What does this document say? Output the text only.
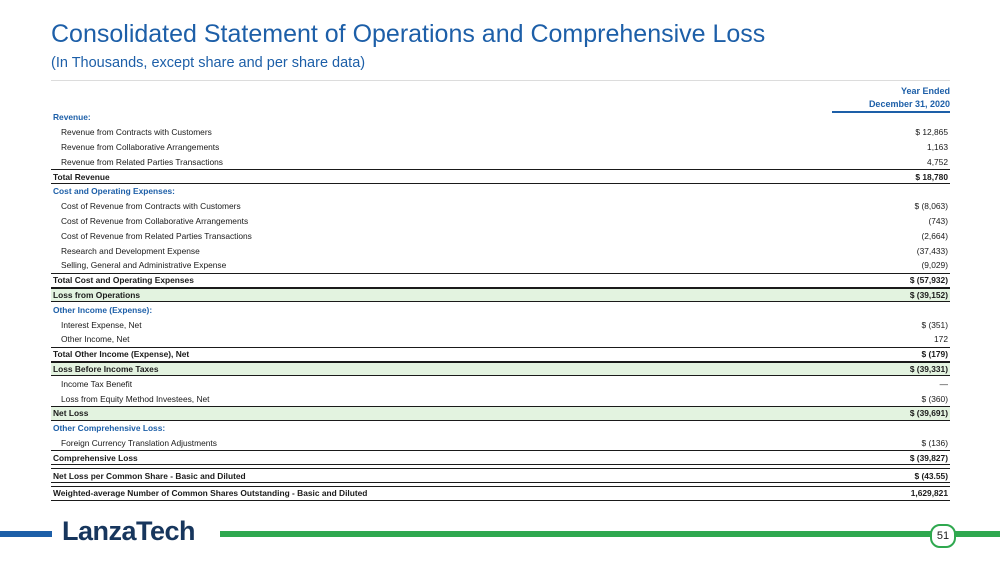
Consolidated Statement of Operations and Comprehensive Loss
(In Thousands, except share and per share data)
Year Ended
December 31, 2020
Revenue:
Revenue from Contracts with Customers	$ 12,865
Revenue from Collaborative Arrangements	1,163
Revenue from Related Parties Transactions	4,752
Total Revenue	$ 18,780
Cost and Operating Expenses:
Cost of Revenue from Contracts with Customers	$ (8,063)
Cost of Revenue from Collaborative Arrangements	(743)
Cost of Revenue from Related Parties Transactions	(2,664)
Research and Development Expense	(37,433)
Selling, General and Administrative Expense	(9,029)
Total Cost and Operating Expenses	$ (57,932)
Loss from Operations	$ (39,152)
Other Income (Expense):
Interest Expense, Net	$ (351)
Other Income, Net	172
Total Other Income (Expense), Net	$ (179)
Loss Before Income Taxes	$ (39,331)
Income Tax Benefit	—
Loss from Equity Method Investees, Net	$ (360)
Net Loss	$ (39,691)
Other Comprehensive Loss:
Foreign Currency Translation Adjustments	$ (136)
Comprehensive Loss	$ (39,827)
Net Loss per Common Share - Basic and Diluted	$ (43.55)
Weighted-average Number of Common Shares Outstanding - Basic and Diluted	1,629,821
LanzaTech	51
